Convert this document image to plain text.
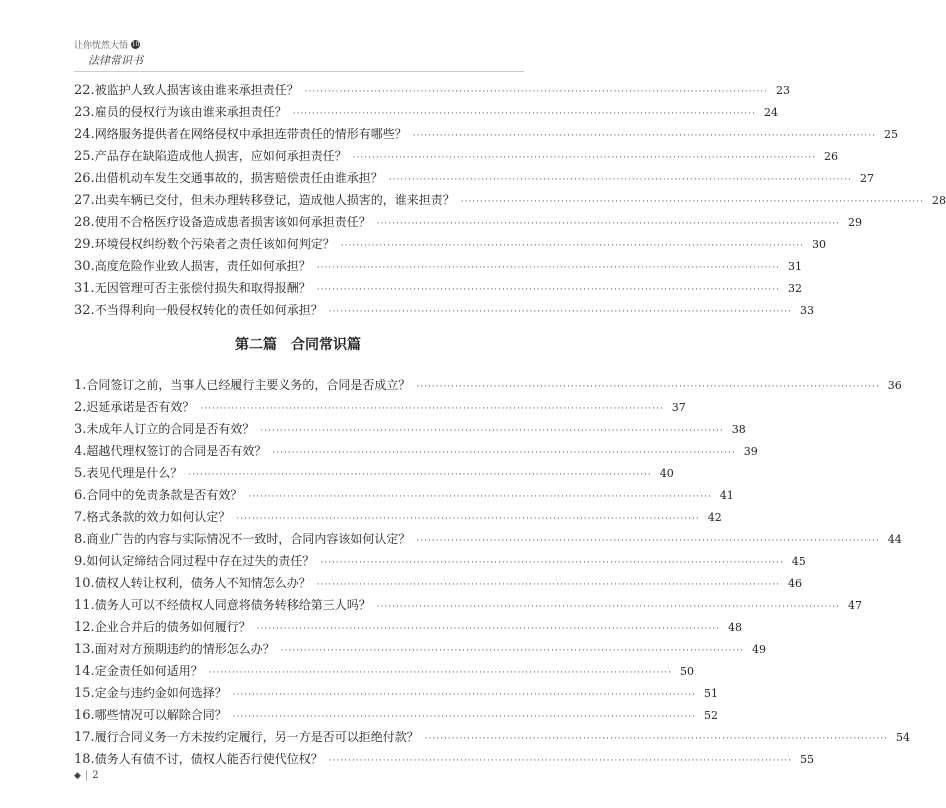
让你恍然大悟 10
法律常识书
22. 被监护人致人损害该由谁来承担责任？ ························································································································ 23
23. 雇员的侵权行为该由谁来承担责任？ ························································································································ 24
24. 网络服务提供者在网络侵权中承担连带责任的情形有哪些？ ························································································································ 25
25. 产品存在缺陷造成他人损害，应如何承担责任？ ························································································································ 26
26. 出借机动车发生交通事故的，损害赔偿责任由谁承担？ ························································································································ 27
27. 出卖车辆已交付，但未办理转移登记，造成他人损害的，谁来担责？ ························································································································ 28
28. 使用不合格医疗设备造成患者损害该如何承担责任？ ························································································································ 29
29. 环境侵权纠纷数个污染者之责任该如何判定？ ························································································································ 30
30. 高度危险作业致人损害，责任如何承担？ ························································································································ 31
31. 无因管理可否主张偿付损失和取得报酬？ ························································································································ 32
32. 不当得利向一般侵权转化的责任如何承担？ ························································································································ 33
第二篇　合同常识篇
1. 合同签订之前，当事人已经履行主要义务的，合同是否成立？ ························································································································ 36
2. 迟延承诺是否有效？ ························································································································ 37
3. 未成年人订立的合同是否有效？ ························································································································ 38
4. 超越代理权签订的合同是否有效？ ························································································································ 39
5. 表见代理是什么？ ························································································································ 40
6. 合同中的免责条款是否有效？ ························································································································ 41
7. 格式条款的效力如何认定？ ························································································································ 42
8. 商业广告的内容与实际情况不一致时，合同内容该如何认定？ ························································································································ 44
9. 如何认定缔结合同过程中存在过失的责任？ ························································································································ 45
10. 债权人转让权利，债务人不知情怎么办？ ························································································································ 46
11. 债务人可以不经债权人同意将债务转移给第三人吗？ ························································································································ 47
12. 企业合并后的债务如何履行？ ························································································································ 48
13. 面对对方预期违约的情形怎么办？ ························································································································ 49
14. 定金责任如何适用？ ························································································································ 50
15. 定金与违约金如何选择？ ························································································································ 51
16. 哪些情况可以解除合同？ ························································································································ 52
17. 履行合同义务一方未按约定履行，另一方是否可以拒绝付款？ ························································································································ 54
18. 债务人有债不讨，债权人能否行使代位权？ ························································································································ 55
◆ | 2
